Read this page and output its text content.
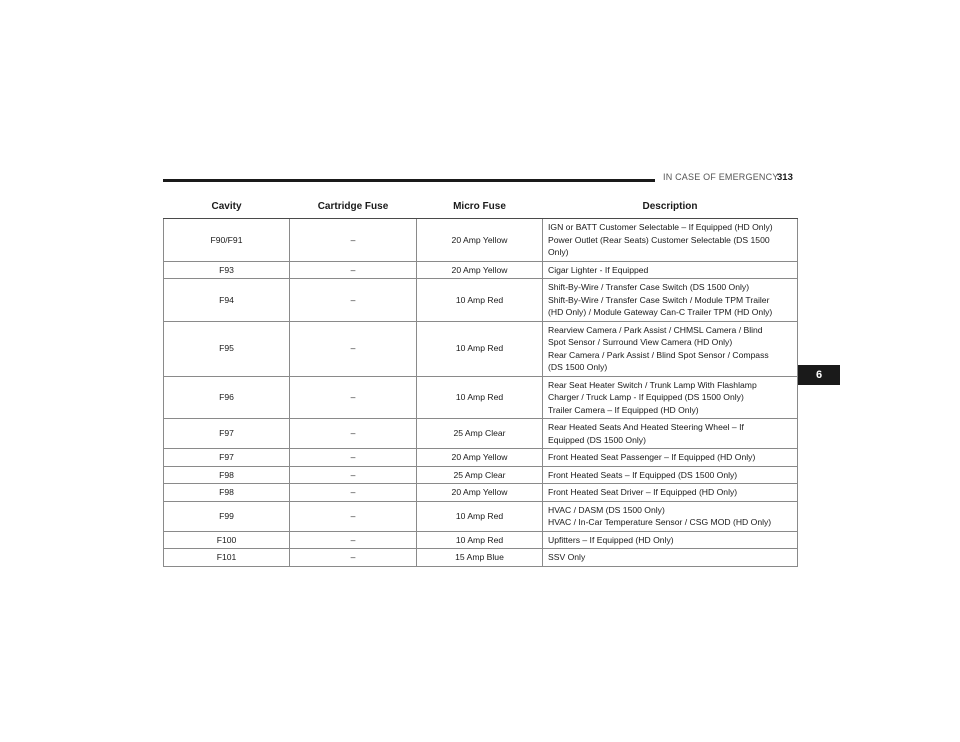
IN CASE OF EMERGENCY
313
6
Cavity	Cartridge Fuse	Micro Fuse	Description
F90/F91	–	20 Amp Yellow	IGN or BATT Customer Selectable – If Equipped (HD Only)
Power Outlet (Rear Seats) Customer Selectable (DS 1500
Only)

F93	–	20 Amp Yellow	Cigar Lighter - If Equipped

F94	–	10 Amp Red	Shift-By-Wire / Transfer Case Switch (DS 1500 Only)
Shift-By-Wire / Transfer Case Switch / Module TPM Trailer
(HD Only) / Module Gateway Can-C Trailer TPM (HD Only)

F95	–	10 Amp Red	Rearview Camera / Park Assist / CHMSL Camera / Blind
Spot Sensor / Surround View Camera (HD Only)
Rear Camera / Park Assist / Blind Spot Sensor / Compass
(DS 1500 Only)

F96	–	10 Amp Red	Rear Seat Heater Switch / Trunk Lamp With Flashlamp
Charger / Truck Lamp - If Equipped (DS 1500 Only)
Trailer Camera – If Equipped (HD Only)

F97	–	25 Amp Clear	Rear Heated Seats And Heated Steering Wheel – If
Equipped (DS 1500 Only)

F97	–	20 Amp Yellow	Front Heated Seat Passenger – If Equipped (HD Only)

F98	–	25 Amp Clear	Front Heated Seats – If Equipped (DS 1500 Only)

F98	–	20 Amp Yellow	Front Heated Seat Driver – If Equipped (HD Only)

F99	–	10 Amp Red	HVAC / DASM (DS 1500 Only)
HVAC / In-Car Temperature Sensor / CSG MOD (HD Only)

F100	–	10 Amp Red	Upfitters – If Equipped (HD Only)

F101	–	15 Amp Blue	SSV Only
